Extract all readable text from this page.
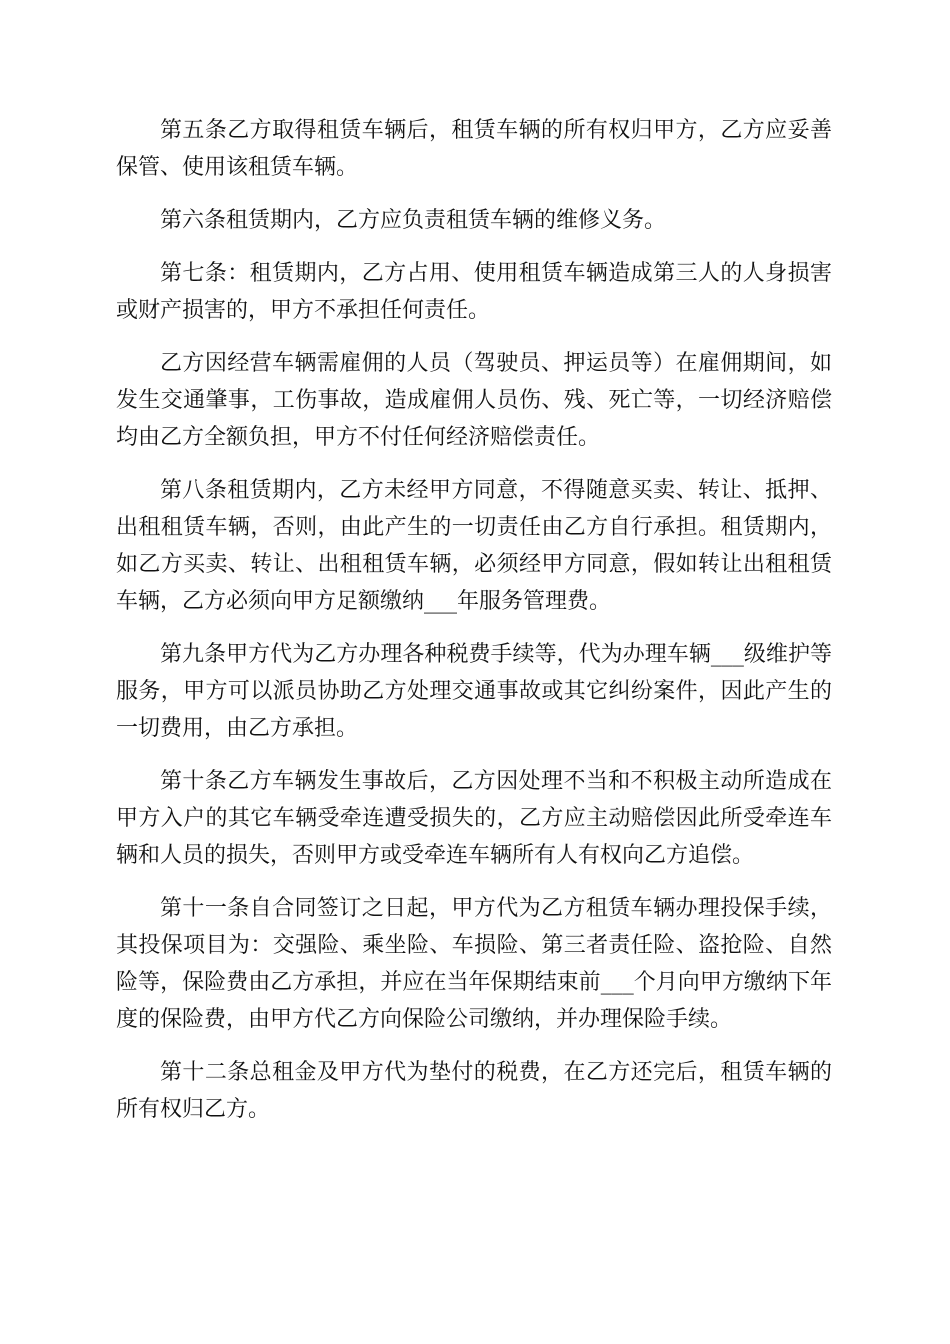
第五条乙方取得租赁车辆后，租赁车辆的所有权归甲方，乙方应妥善保管、使用该租赁车辆。

第六条租赁期内，乙方应负责租赁车辆的维修义务。

第七条：租赁期内，乙方占用、使用租赁车辆造成第三人的人身损害或财产损害的，甲方不承担任何责任。

乙方因经营车辆需雇佣的人员（驾驶员、押运员等）在雇佣期间，如发生交通肇事，工伤事故，造成雇佣人员伤、残、死亡等，一切经济赔偿均由乙方全额负担，甲方不付任何经济赔偿责任。

第八条租赁期内，乙方未经甲方同意，不得随意买卖、转让、抵押、出租租赁车辆，否则，由此产生的一切责任由乙方自行承担。租赁期内，如乙方买卖、转让、出租租赁车辆，必须经甲方同意，假如转让出租租赁车辆，乙方必须向甲方足额缴纳___年服务管理费。

第九条甲方代为乙方办理各种税费手续等，代为办理车辆___级维护等服务，甲方可以派员协助乙方处理交通事故或其它纠纷案件，因此产生的一切费用，由乙方承担。

第十条乙方车辆发生事故后，乙方因处理不当和不积极主动所造成在甲方入户的其它车辆受牵连遭受损失的，乙方应主动赔偿因此所受牵连车辆和人员的损失，否则甲方或受牵连车辆所有人有权向乙方追偿。

第十一条自合同签订之日起，甲方代为乙方租赁车辆办理投保手续，其投保项目为：交强险、乘坐险、车损险、第三者责任险、盗抢险、自然险等，保险费由乙方承担，并应在当年保期结束前___个月向甲方缴纳下年度的保险费，由甲方代乙方向保险公司缴纳，并办理保险手续。

第十二条总租金及甲方代为垫付的税费，在乙方还完后，租赁车辆的所有权归乙方。
